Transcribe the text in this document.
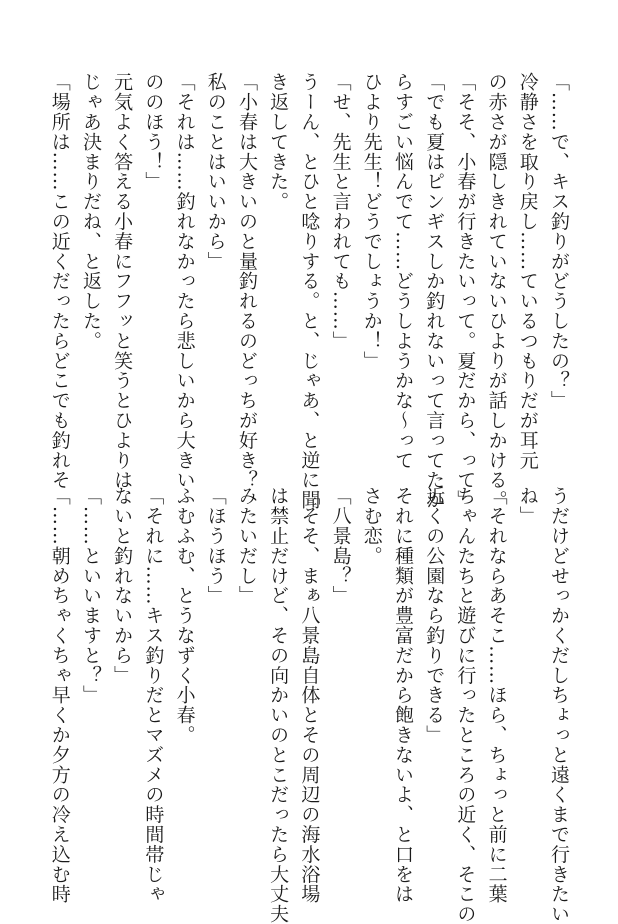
「……で、キス釣りがどうしたの？」
冷静さを取り戻し……ているつもりだが耳元
の赤さが隠しきれていないひよりが話しかける。
「そそ、小春が行きたいって。夏だから、って」
「でも夏はピンギスしか釣れないって言ってたか
らすごい悩んでて……どうしようかな～って
ひより先生！どうでしょうか！」
「せ、先生と言われても……」
うーん、とひと唸りする。と、じゃあ、と逆に聞
き返してきた。
「小春は大きいのと量釣れるのどっちが好き？
私のことはいいから」
「それは……釣れなかったら悲しいから大きい
ののほう！」
元気よく答える小春にフフッと笑うとひよりは
じゃあ決まりだね、と返した。
「場所は……この近くだったらどこでも釣れそ
うだけどせっかくだしちょっと遠くまで行きたい
ね」
「それならあそこ……ほら、ちょっと前に二葉
ちゃんたちと遊びに行ったところの近く、そこの
近くの公園なら釣りできる」
それに種類が豊富だから飽きないよ、と口をは
さむ恋。
「八景島？」
「そそ、まぁ八景島自体とその周辺の海水浴場
は禁止だけど、その向かいのとこだったら大丈夫
みたいだし」
「ほうほう」
ふむふむ、とうなずく小春。
「それに……キス釣りだとマズメの時間帯じゃ
ないと釣れないから」
「……といいますと？」
「……朝めちゃくちゃ早くか夕方の冷え込む時
